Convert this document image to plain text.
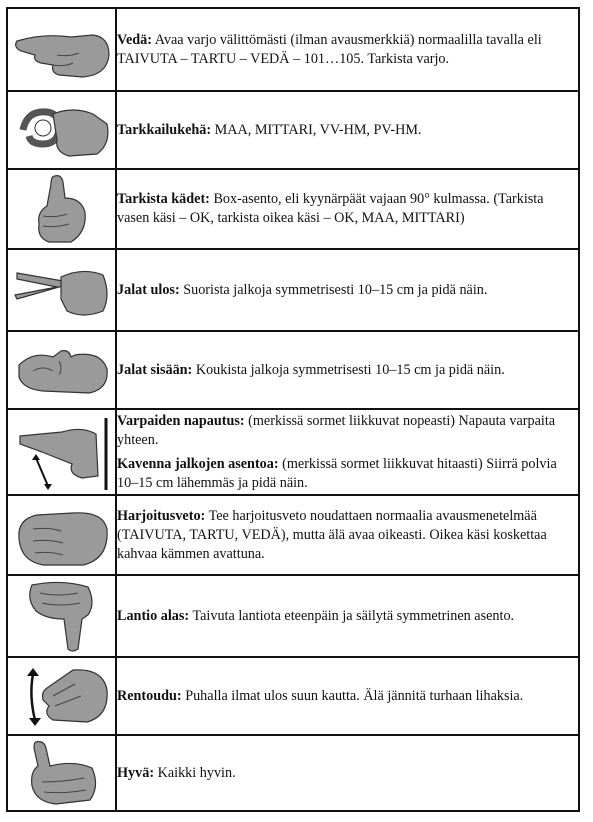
Vedä: Avaa varjo välittömästi (ilman avausmerkkiä) normaalilla tavalla eli TAIVUTA – TARTU – VEDÄ – 101…105. Tarkista varjo.

Tarkkailukehä: MAA, MITTARI, VV-HM, PV-HM.

Tarkista kädet: Box-asento, eli kyynärpäät vajaan 90° kulmassa. (Tarkista vasen käsi – OK, tarkista oikea käsi – OK, MAA, MITTARI)

Jalat ulos: Suorista jalkoja symmetrisesti 10–15 cm ja pidä näin.

Jalat sisään: Koukista jalkoja symmetrisesti 10–15 cm ja pidä näin.

Varpaiden napautus: (merkissä sormet liikkuvat nopeasti) Napauta varpaita yhteen.
Kavenna jalkojen asentoa: (merkissä sormet liikkuvat hitaasti) Siirrä polvia 10–15 cm lähemmäs ja pidä näin.

Harjoitusveto: Tee harjoitusveto noudattaen normaalia avausmenetelmää (TAIVUTA, TARTU, VEDÄ), mutta älä avaa oikeasti. Oikea käsi koskettaa kahvaa kämmen avattuna.

Lantio alas: Taivuta lantiota eteenpäin ja säilytä symmetrinen asento.

Rentoudu: Puhalla ilmat ulos suun kautta. Älä jännitä turhaan lihaksia.

Hyvä: Kaikki hyvin.
